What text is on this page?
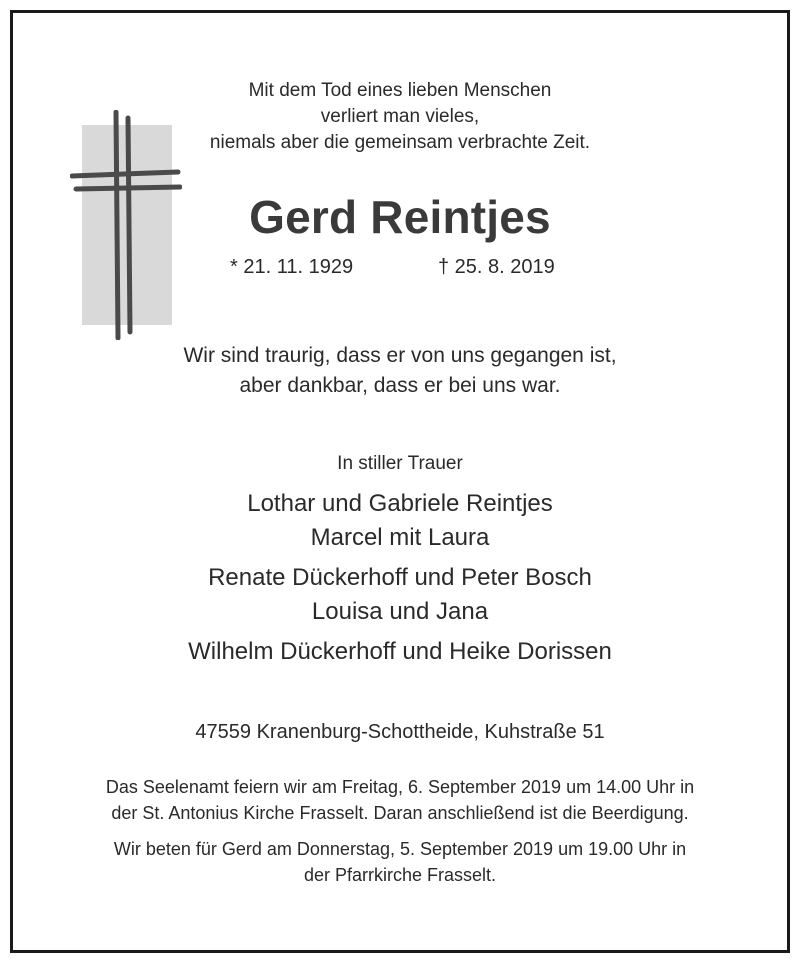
Mit dem Tod eines lieben Menschen
verliert man vieles,
niemals aber die gemeinsam verbrachte Zeit.
Gerd Reintjes
* 21. 11. 1929	† 25. 8. 2019
Wir sind traurig, dass er von uns gegangen ist,
aber dankbar, dass er bei uns war.
In stiller Trauer
Lothar und Gabriele Reintjes
Marcel mit Laura
Renate Dückerhoff und Peter Bosch
Louisa und Jana
Wilhelm Dückerhoff und Heike Dorissen
47559 Kranenburg-Schottheide, Kuhstraße 51

Das Seelenamt feiern wir am Freitag, 6. September 2019 um 14.00 Uhr in
der St. Antonius Kirche Frasselt. Daran anschließend ist die Beerdigung.

Wir beten für Gerd am Donnerstag, 5. September 2019 um 19.00 Uhr in
der Pfarrkirche Frasselt.
